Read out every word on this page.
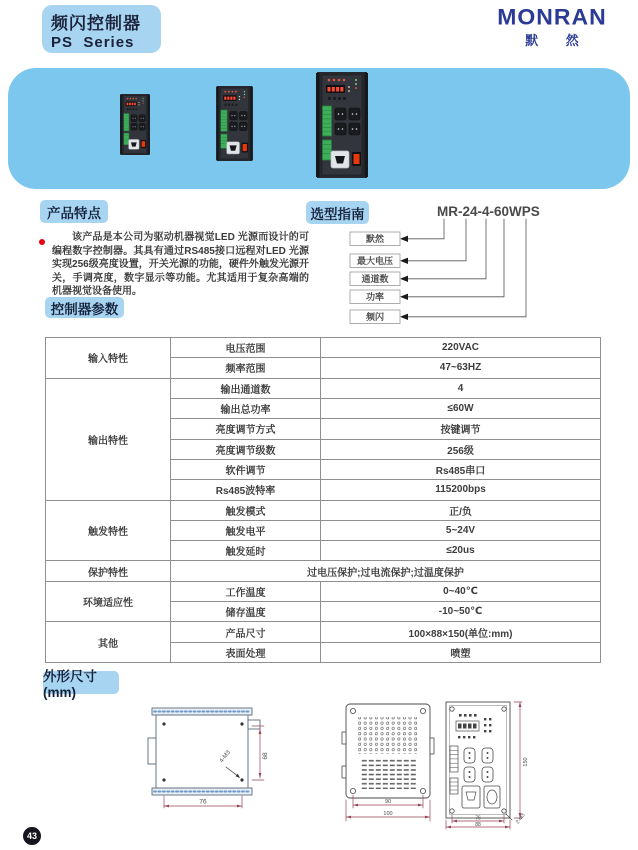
频闪控制器
PS  Series
MONRAN
默 然
产品特点
该产品是本公司为驱动机器视觉LED 光源而设计的可编程数字控制器。其具有通过RS485接口远程对LED 光源实现256级亮度设置，开关光源的功能，硬件外触发光源开关，手调亮度，数字显示等功能。尤其适用于复杂高端的机器视觉设备使用。
选型指南	MR-24-4-60WPS
默然
最大电压
通道数
功率
频闪
控制器参数
输入特性	电压范围	220VAC
	频率范围	47~63HZ
输出特性	输出通道数	4
	输出总功率	≤60W
	亮度调节方式	按键调节
	亮度调节级数	256级
	软件调节	Rs485串口
	Rs485波特率	115200bps
触发特性	触发模式	正/负
	触发电平	5~24V
	触发延时	≤20us
保护特性	过电压保护;过电流保护;过温度保护	
环境适应性	工作温度	0~40℃
	储存温度	-10~50℃
其他	产品尺寸	100×88×150(单位:mm)
	表面处理	喷塑
外形尺寸(mm)
76
68
4-M3
90
100
150
76
88	2-M3
43
